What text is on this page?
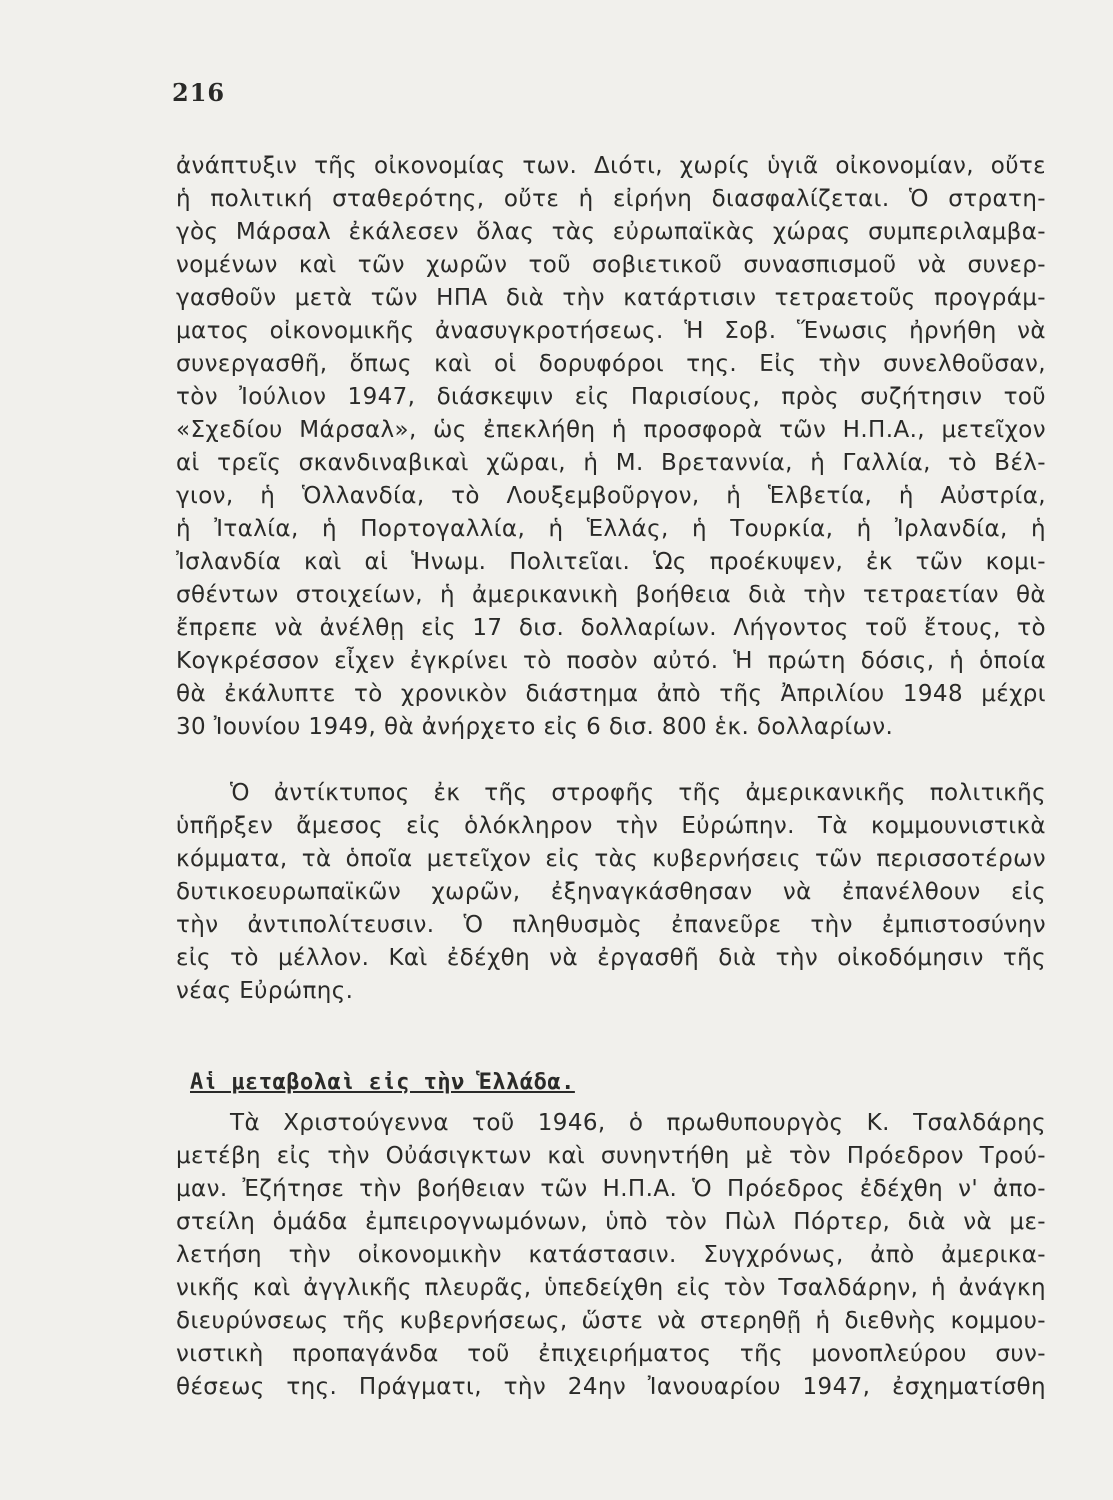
216
ἀνάπτυξιν τῆς οἰκονομίας των. Διότι, χωρίς ὑγιᾶ οἰκονομίαν, οὔτε
ἡ πολιτική σταθερότης, οὔτε ἡ εἰρήνη διασφαλίζεται. Ὁ στρατη-
γὸς Μάρσαλ ἐκάλεσεν ὅλας τὰς εὐρωπαϊκὰς χώρας συμπεριλαμβα-
νομένων καὶ τῶν χωρῶν τοῦ σοβιετικοῦ συνασπισμοῦ νὰ συνερ-
γασθοῦν μετὰ τῶν ΗΠΑ διὰ τὴν κατάρτισιν τετραετοῦς προγράμ-
ματος οἰκονομικῆς ἀνασυγκροτήσεως. Ἡ Σοβ. Ἕνωσις ἠρνήθη νὰ
συνεργασθῆ, ὅπως καὶ οἱ δορυφόροι της. Εἰς τὴν συνελθοῦσαν,
τὸν Ἰούλιον 1947, διάσκεψιν εἰς Παρισίους, πρὸς συζήτησιν τοῦ
«Σχεδίου Μάρσαλ», ὡς ἐπεκλήθη ἡ προσφορὰ τῶν Η.Π.Α., μετεῖχον
αἱ τρεῖς σκανδιναβικαὶ χῶραι, ἡ Μ. Βρεταννία, ἡ Γαλλία, τὸ Βέλ-
γιον, ἡ Ὁλλανδία, τὸ Λουξεμβοῦργον, ἡ Ἑλβετία, ἡ Αὐστρία,
ἡ Ἰταλία, ἡ Πορτογαλλία, ἡ Ἑλλάς, ἡ Τουρκία, ἡ Ἰρλανδία, ἡ
Ἰσλανδία καὶ αἱ Ἡνωμ. Πολιτεῖαι. Ὡς προέκυψεν, ἐκ τῶν κομι-
σθέντων στοιχείων, ἡ ἀμερικανικὴ βοήθεια διὰ τὴν τετραετίαν θὰ
ἔπρεπε νὰ ἀνέλθῃ εἰς 17 δισ. δολλαρίων. Λήγοντος τοῦ ἔτους, τὸ
Κογκρέσσον εἶχεν ἐγκρίνει τὸ ποσὸν αὐτό. Ἡ πρώτη δόσις, ἡ ὁποία
θὰ ἐκάλυπτε τὸ χρονικὸν διάστημα ἀπὸ τῆς Ἀπριλίου 1948 μέχρι
30 Ἰουνίου 1949, θὰ ἀνήρχετο εἰς 6 δισ. 800 ἑκ. δολλαρίων.
Ὁ ἀντίκτυπος ἐκ τῆς στροφῆς τῆς ἀμερικανικῆς πολιτικῆς
ὑπῆρξεν ἄμεσος εἰς ὁλόκληρον τὴν Εὐρώπην. Τὰ κομμουνιστικὰ
κόμματα, τὰ ὁποῖα μετεῖχον εἰς τὰς κυβερνήσεις τῶν περισσοτέρων
δυτικοευρωπαϊκῶν χωρῶν, ἐξηναγκάσθησαν νὰ ἐπανέλθουν εἰς
τὴν ἀντιπολίτευσιν. Ὁ πληθυσμὸς ἐπανεῦρε τὴν ἐμπιστοσύνην
εἰς τὸ μέλλον. Καὶ ἐδέχθη νὰ ἐργασθῆ διὰ τὴν οἰκοδόμησιν τῆς
νέας Εὐρώπης.
Αἱ μεταβολαὶ εἰς τὴν Ἑλλάδα.
Τὰ Χριστούγεννα τοῦ 1946, ὁ πρωθυπουργὸς Κ. Τσαλδάρης
μετέβη εἰς τὴν Οὐάσιγκτων καὶ συνηντήθη μὲ τὸν Πρόεδρον Τρού-
μαν. Ἐζήτησε τὴν βοήθειαν τῶν Η.Π.Α. Ὁ Πρόεδρος ἐδέχθη ν' ἀπο-
στείλη ὁμάδα ἐμπειρογνωμόνων, ὑπὸ τὸν Πὼλ Πόρτερ, διὰ νὰ με-
λετήση τὴν οἰκονομικὴν κατάστασιν. Συγχρόνως, ἀπὸ ἀμερικα-
νικῆς καὶ ἀγγλικῆς πλευρᾶς, ὑπεδείχθη εἰς τὸν Τσαλδάρην, ἡ ἀνάγκη
διευρύνσεως τῆς κυβερνήσεως, ὥστε νὰ στερηθῇ ἡ διεθνὴς κομμου-
νιστικὴ προπαγάνδα τοῦ ἐπιχειρήματος τῆς μονοπλεύρου συν-
θέσεως της. Πράγματι, τὴν 24ην Ἰανουαρίου 1947, ἐσχηματίσθη
